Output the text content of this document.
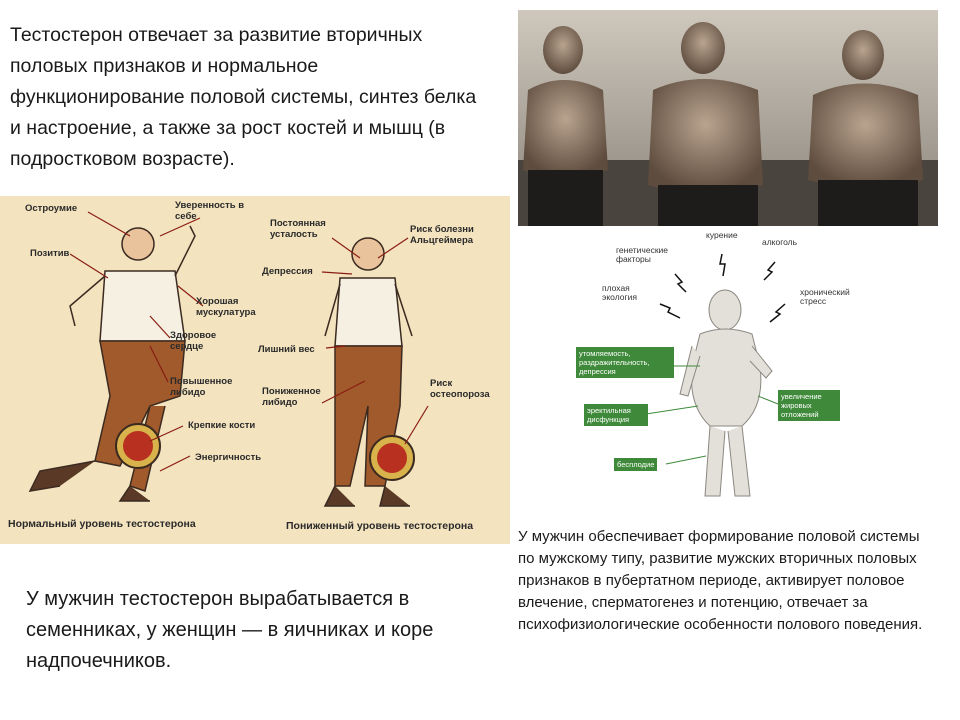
Тестостерон отвечает за развитие вторичных половых признаков и нормальное функционирование половой системы, синтез белка и настроение, а также за рост костей и мышц (в подростковом возрасте).
Остроумие	Уверенность в себе
Позитив
Хорошая мускулатура
Здоровое сердце
Повышенное либидо
Крепкие кости
Энергичность
Постоянная усталость	Риск болезни Альцгеймера
Депрессия
Лишний вес
Пониженное либидо
Риск остеопороза
Нормальный уровень тестостерона	Пониженный уровень тестостерона
генетические факторы
курение
алкоголь
плохая экология	хронический стресс
утомляемость, раздражительность, депрессия
эректильная дисфункция
бесплодие
увеличение жировых отложений
У мужчин тестостерон вырабатывается в семенниках, у женщин — в яичниках и коре надпочечников.
У мужчин обеспечивает формирование половой системы по мужскому типу, развитие мужских вторичных половых признаков в пубертатном периоде, активирует половое влечение, сперматогенез и потенцию, отвечает за психофизиологические особенности полового поведения.
